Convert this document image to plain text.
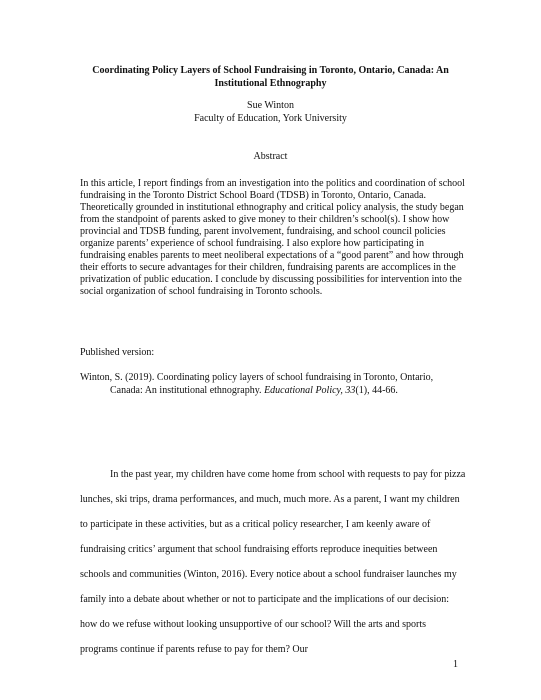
Coordinating Policy Layers of School Fundraising in Toronto, Ontario, Canada: An Institutional Ethnography
Sue Winton
Faculty of Education, York University
Abstract
In this article, I report findings from an investigation into the politics and coordination of school fundraising in the Toronto District School Board (TDSB) in Toronto, Ontario, Canada. Theoretically grounded in institutional ethnography and critical policy analysis, the study began from the standpoint of parents asked to give money to their children’s school(s). I show how provincial and TDSB funding, parent involvement, fundraising, and school council policies organize parents’ experience of school fundraising. I also explore how participating in fundraising enables parents to meet neoliberal expectations of a “good parent” and how through their efforts to secure advantages for their children, fundraising parents are accomplices in the privatization of public education. I conclude by discussing possibilities for intervention into the social organization of school fundraising in Toronto schools.
Published version:
Winton, S. (2019). Coordinating policy layers of school fundraising in Toronto, Ontario, Canada: An institutional ethnography. Educational Policy, 33(1), 44-66.
In the past year, my children have come home from school with requests to pay for pizza lunches, ski trips, drama performances, and much, much more. As a parent, I want my children to participate in these activities, but as a critical policy researcher, I am keenly aware of fundraising critics’ argument that school fundraising efforts reproduce inequities between schools and communities (Winton, 2016). Every notice about a school fundraiser launches my family into a debate about whether or not to participate and the implications of our decision: how do we refuse without looking unsupportive of our school? Will the arts and sports programs continue if parents refuse to pay for them? Our
1
